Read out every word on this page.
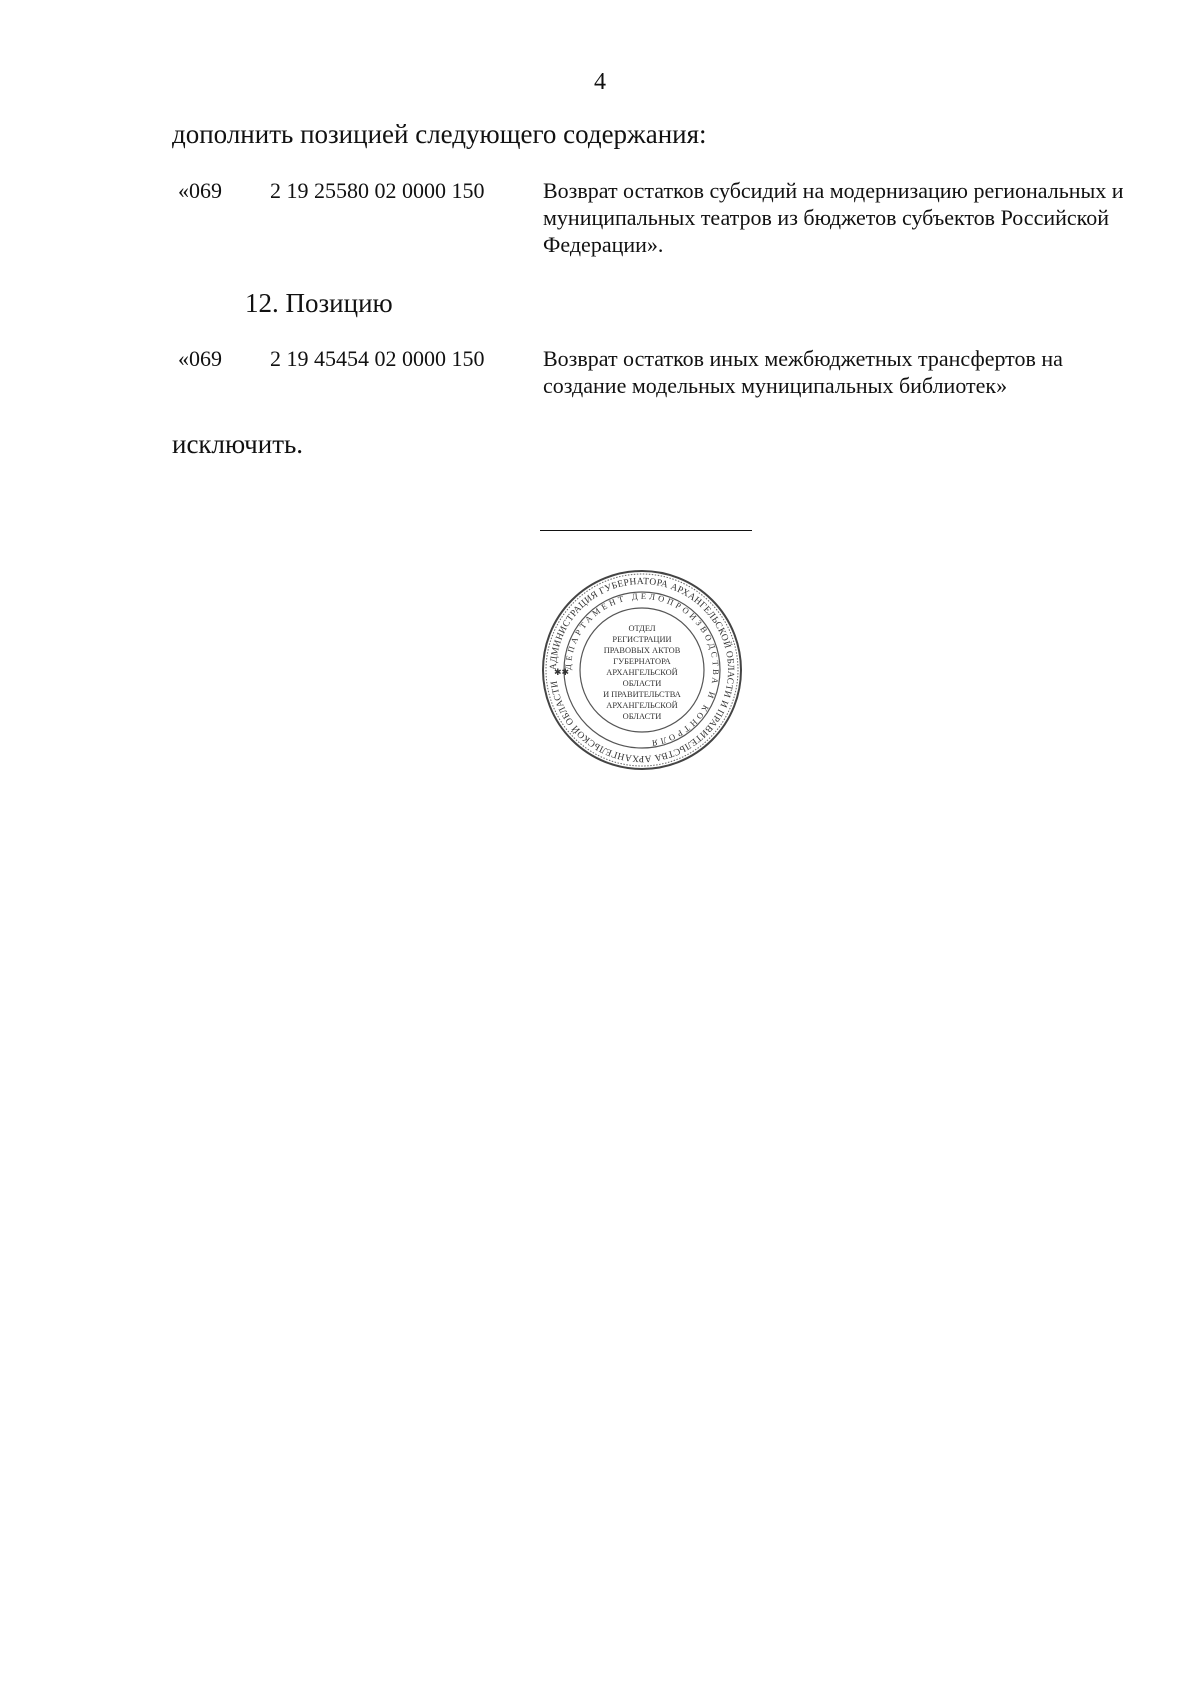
4
дополнить позицией следующего содержания:
«069 2 19 25580 02 0000 150	Возврат остатков субсидий на модернизацию региональных и муниципальных театров из бюджетов субъектов Российской Федерации».
12. Позицию
«069 2 19 45454 02 0000 150	Возврат остатков иных межбюджетных трансфертов на создание модельных муниципальных библиотек»
исключить.
АДМИНИСТРАЦИЯ ГУБЕРНАТОРА АРХАНГЕЛЬСКОЙ ОБЛАСТИ И ПРАВИТЕЛЬСТВА АРХАНГЕЛЬСКОЙ ОБЛАСТИ
ДЕПАРТАМЕНТ ДЕЛОПРОИЗВОДСТВА И КОНТРОЛЯ
ОТДЕЛ
РЕГИСТРАЦИИ
ПРАВОВЫХ АКТОВ
ГУБЕРНАТОРА
АРХАНГЕЛЬСКОЙ
ОБЛАСТИ
И ПРАВИТЕЛЬСТВА
АРХАНГЕЛЬСКОЙ
ОБЛАСТИ
✱✱
